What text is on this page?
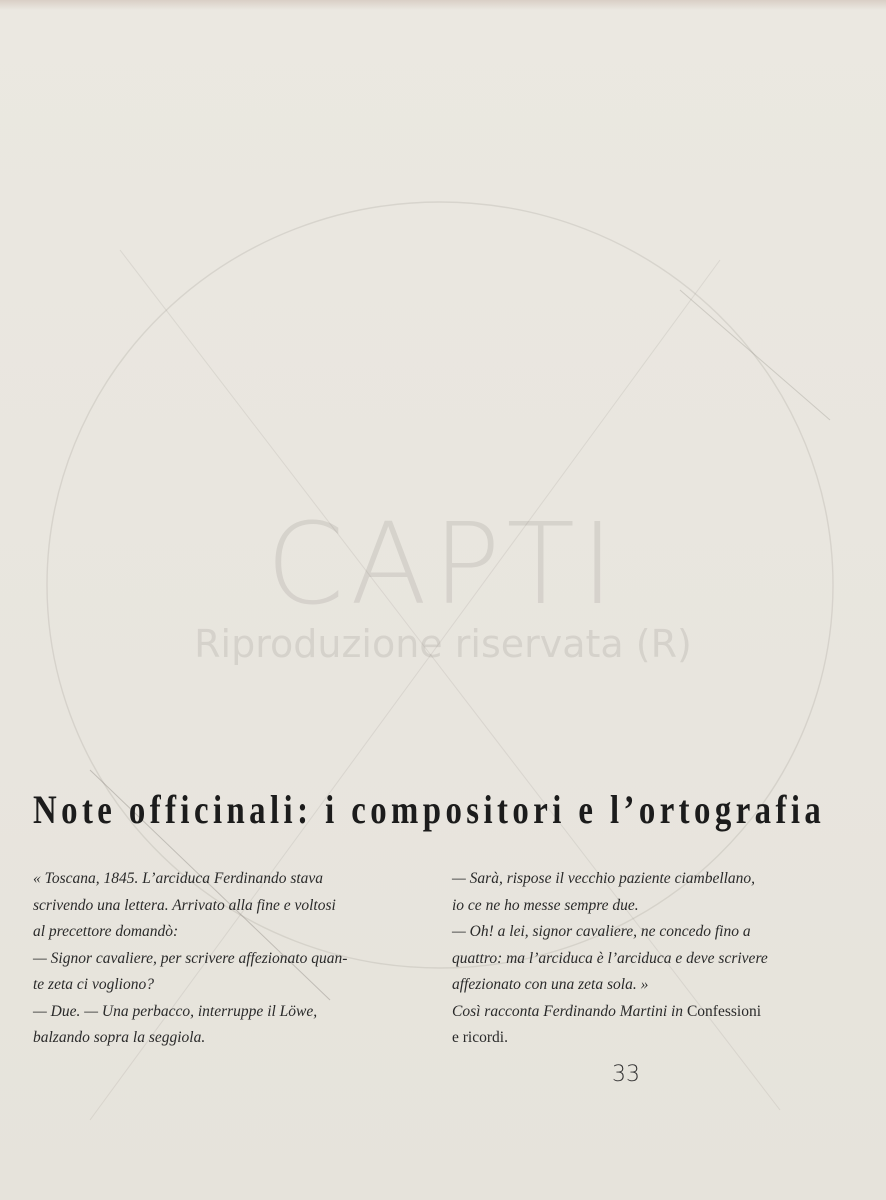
CAPTI
Riproduzione riservata (R)
Note officinali: i compositori e l’ortografia

« Toscana, 1845. L’arciduca Ferdinando stava

scrivendo una lettera. Arrivato alla fine e voltosi

al precettore domandò:

— Signor cavaliere, per scrivere affezionato quan-

te zeta ci vogliono?

— Due. — Una perbacco, interruppe il Löwe,

balzando sopra la seggiola.

— Sarà, rispose il vecchio paziente ciambellano,

io ce ne ho messe sempre due.

— Oh! a lei, signor cavaliere, ne concedo fino a

quattro: ma l’arciduca è l’arciduca e deve scrivere

affezionato con una zeta sola. »

Così racconta Ferdinando Martini in Confessioni

e ricordi.

33
